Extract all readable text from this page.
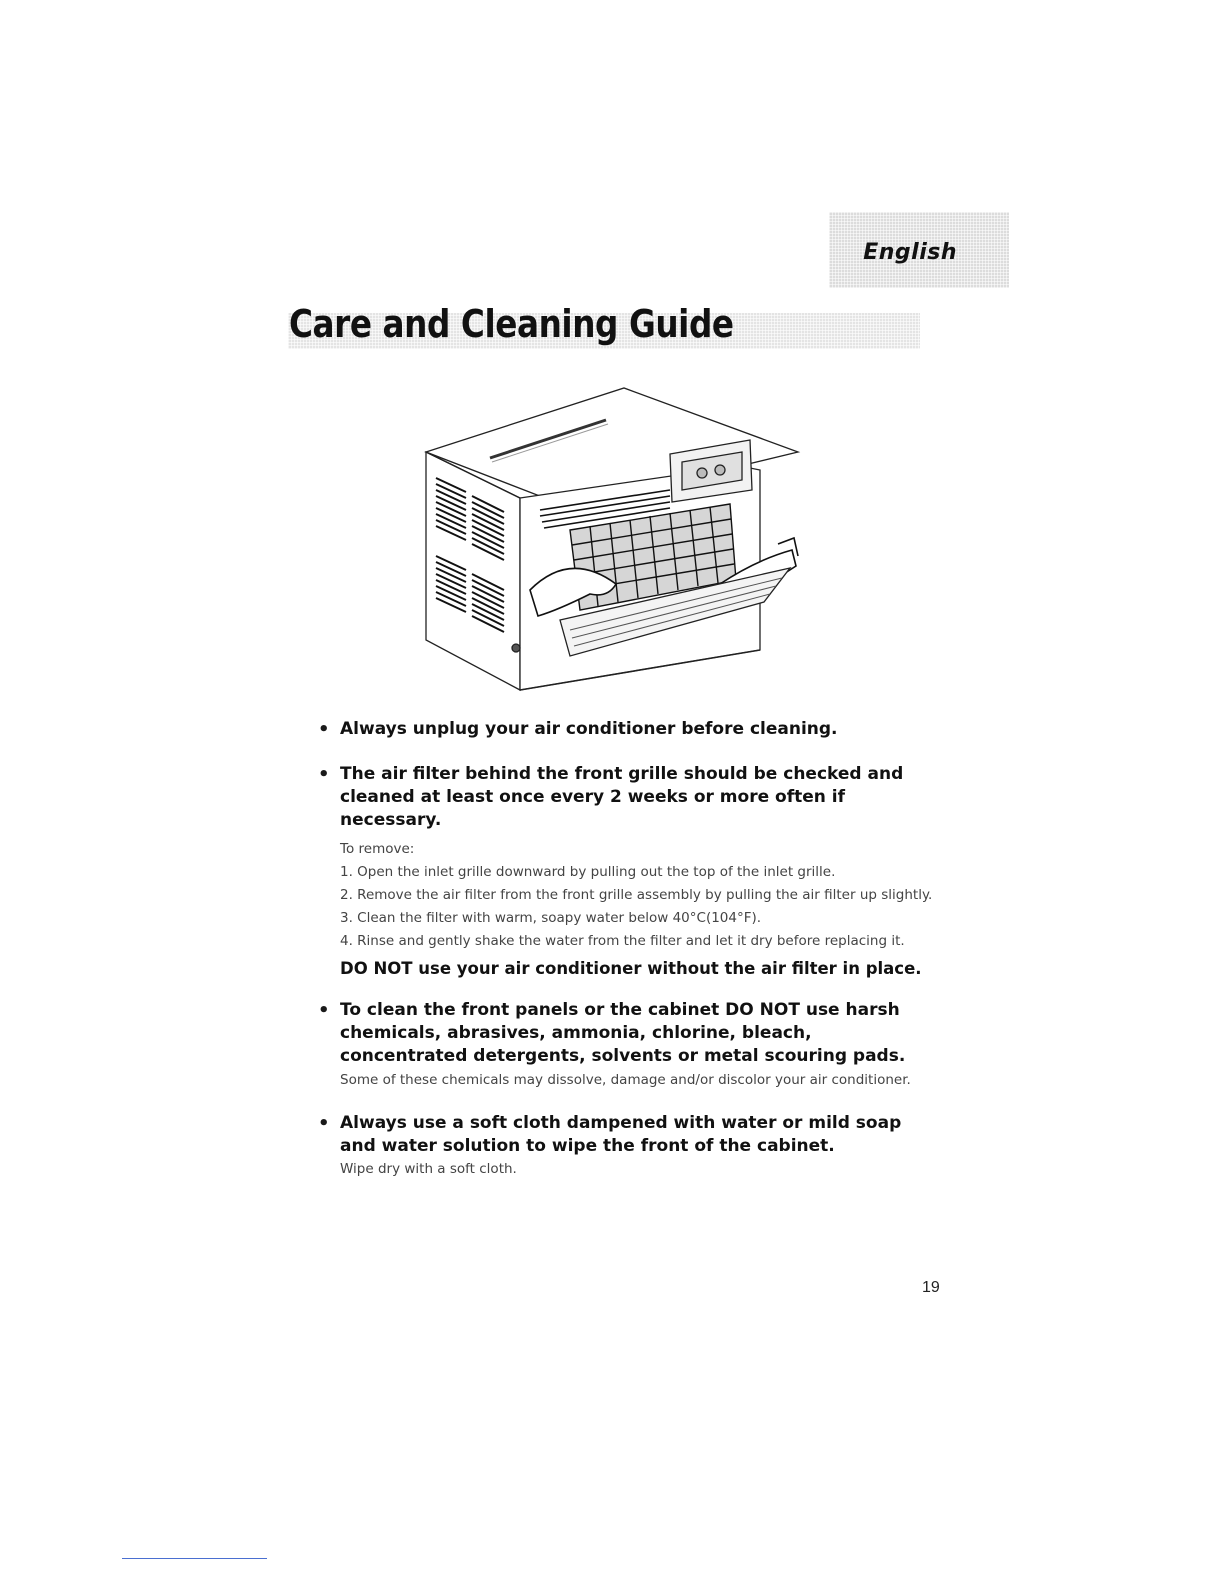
English
Care and Cleaning Guide
• Always unplug your air conditioner before cleaning.
• The air filter behind the front grille should be checked and cleaned at least once every 2 weeks or more often if necessary.
To remove:
1. Open the inlet grille downward by pulling out the top of the inlet grille.
2. Remove the air filter from the front grille assembly by pulling the air filter up slightly.
3. Clean the filter with warm, soapy water below 40°C(104°F).
4. Rinse and gently shake the water from the filter and let it dry before replacing it.
DO NOT use your air conditioner without the air filter in place.
• To clean the front panels or the cabinet DO NOT use harsh chemicals, abrasives, ammonia, chlorine, bleach, concentrated detergents, solvents or metal scouring pads. Some of these chemicals may dissolve, damage and/or discolor your air conditioner.
• Always use a soft cloth dampened with water or mild soap and water solution to wipe the front of the cabinet.
Wipe dry with a soft cloth.
19
